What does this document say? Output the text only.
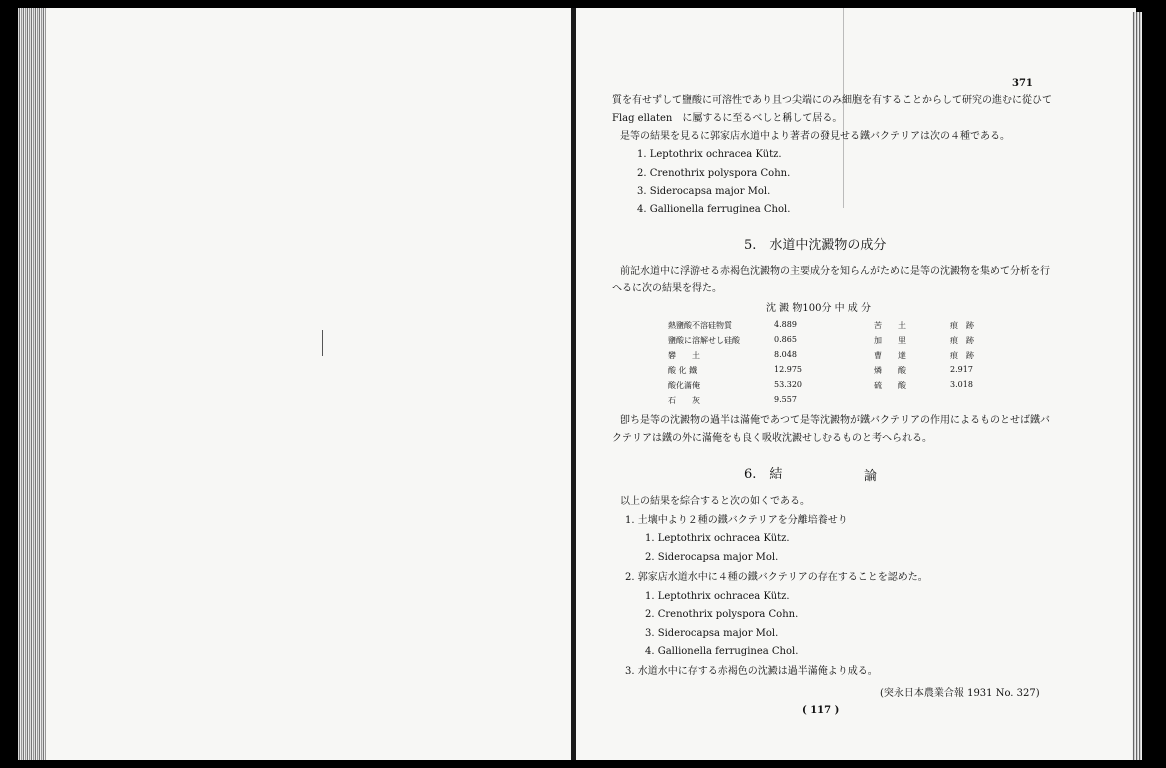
371
質を有せずして鹽酸に可溶性であり且つ尖端にのみ細胞を有することからして研究の進むに從ひて
Flag ellaten　に屬するに至るべしと稱して居る。
是等の結果を見るに郭家店水道中より著者の發見せる鐵バクテリアは次の４種である。
1. Leptothrix ochracea Kütz.
2. Crenothrix polyspora Cohn.
3. Siderocapsa major Mol.
4. Gallionella ferruginea Chol.
5.　水道中沈澱物の成分
前記水道中に浮游せる赤褐色沈澱物の主要成分を知らんがために是等の沈澱物を集めて分析を行
へるに次の結果を得た。
沈 澱 物100分 中 成 分
熱鹽酸不溶硅物質	4.889	苦　　土	痕　跡
鹽酸に溶解せし硅酸	0.865	加　　里	痕　跡
礬　　土	8.048	曹　　達	痕　跡
酸 化 鐵	12.975	燐　　酸	2.917
酸化滿俺	53.320	硫　　酸	3.018
石　　灰	9.557
卽ち是等の沈澱物の過半は滿俺であつて是等沈澱物が鐵バクテリアの作用によるものとせば鐵バ
クテリアは鐵の外に滿俺をも良く吸收沈澱せしむるものと考へられる。
6.　結	論
以上の結果を綜合すると次の如くである。
1. 土壤中より２種の鐵バクテリアを分離培養せり
1. Leptothrix ochracea Kütz.
2. Siderocapsa major Mol.
2. 郭家店水道水中に４種の鐵バクテリアの存在することを認めた。
1. Leptothrix ochracea Kütz.
2. Crenothrix polyspora Cohn.
3. Siderocapsa major Mol.
4. Gallionella ferruginea Chol.
3. 水道水中に存する赤褐色の沈澱は過半滿俺より成る。
(突永日本農業合報 1931 No. 327)
( 117 )
